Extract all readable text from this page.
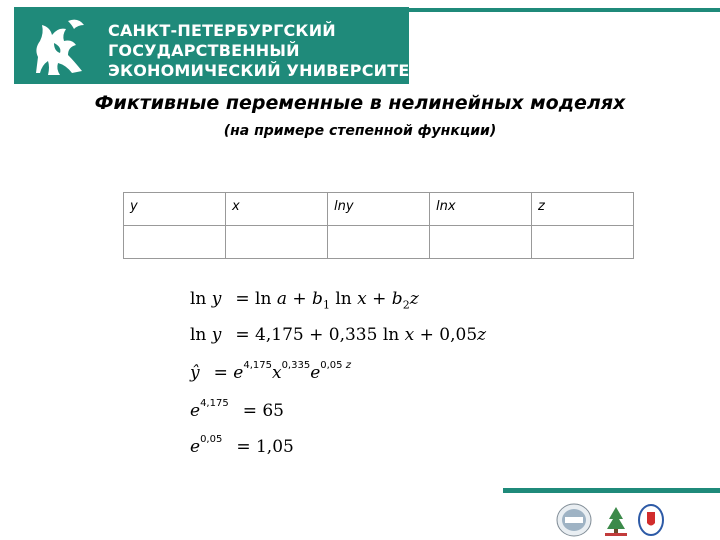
САНКТ-ПЕТЕРБУРГСКИЙ
ГОСУДАРСТВЕННЫЙ
ЭКОНОМИЧЕСКИЙ УНИВЕРСИТЕТ
Фиктивные переменные в нелинейных моделях
(на примере степенной функции)
y	x	lny	lnx	z

$\ln y = \ln a + b_1$ $\ln x + b_2z$
ln y = 4,175 + 0,335 ln x + 0,05z
ŷ = $e^{4,175}x^{0,335}e^{0,05 z}$
$e^{4,175} = 65$
$e^{0,05} = 1,05$
